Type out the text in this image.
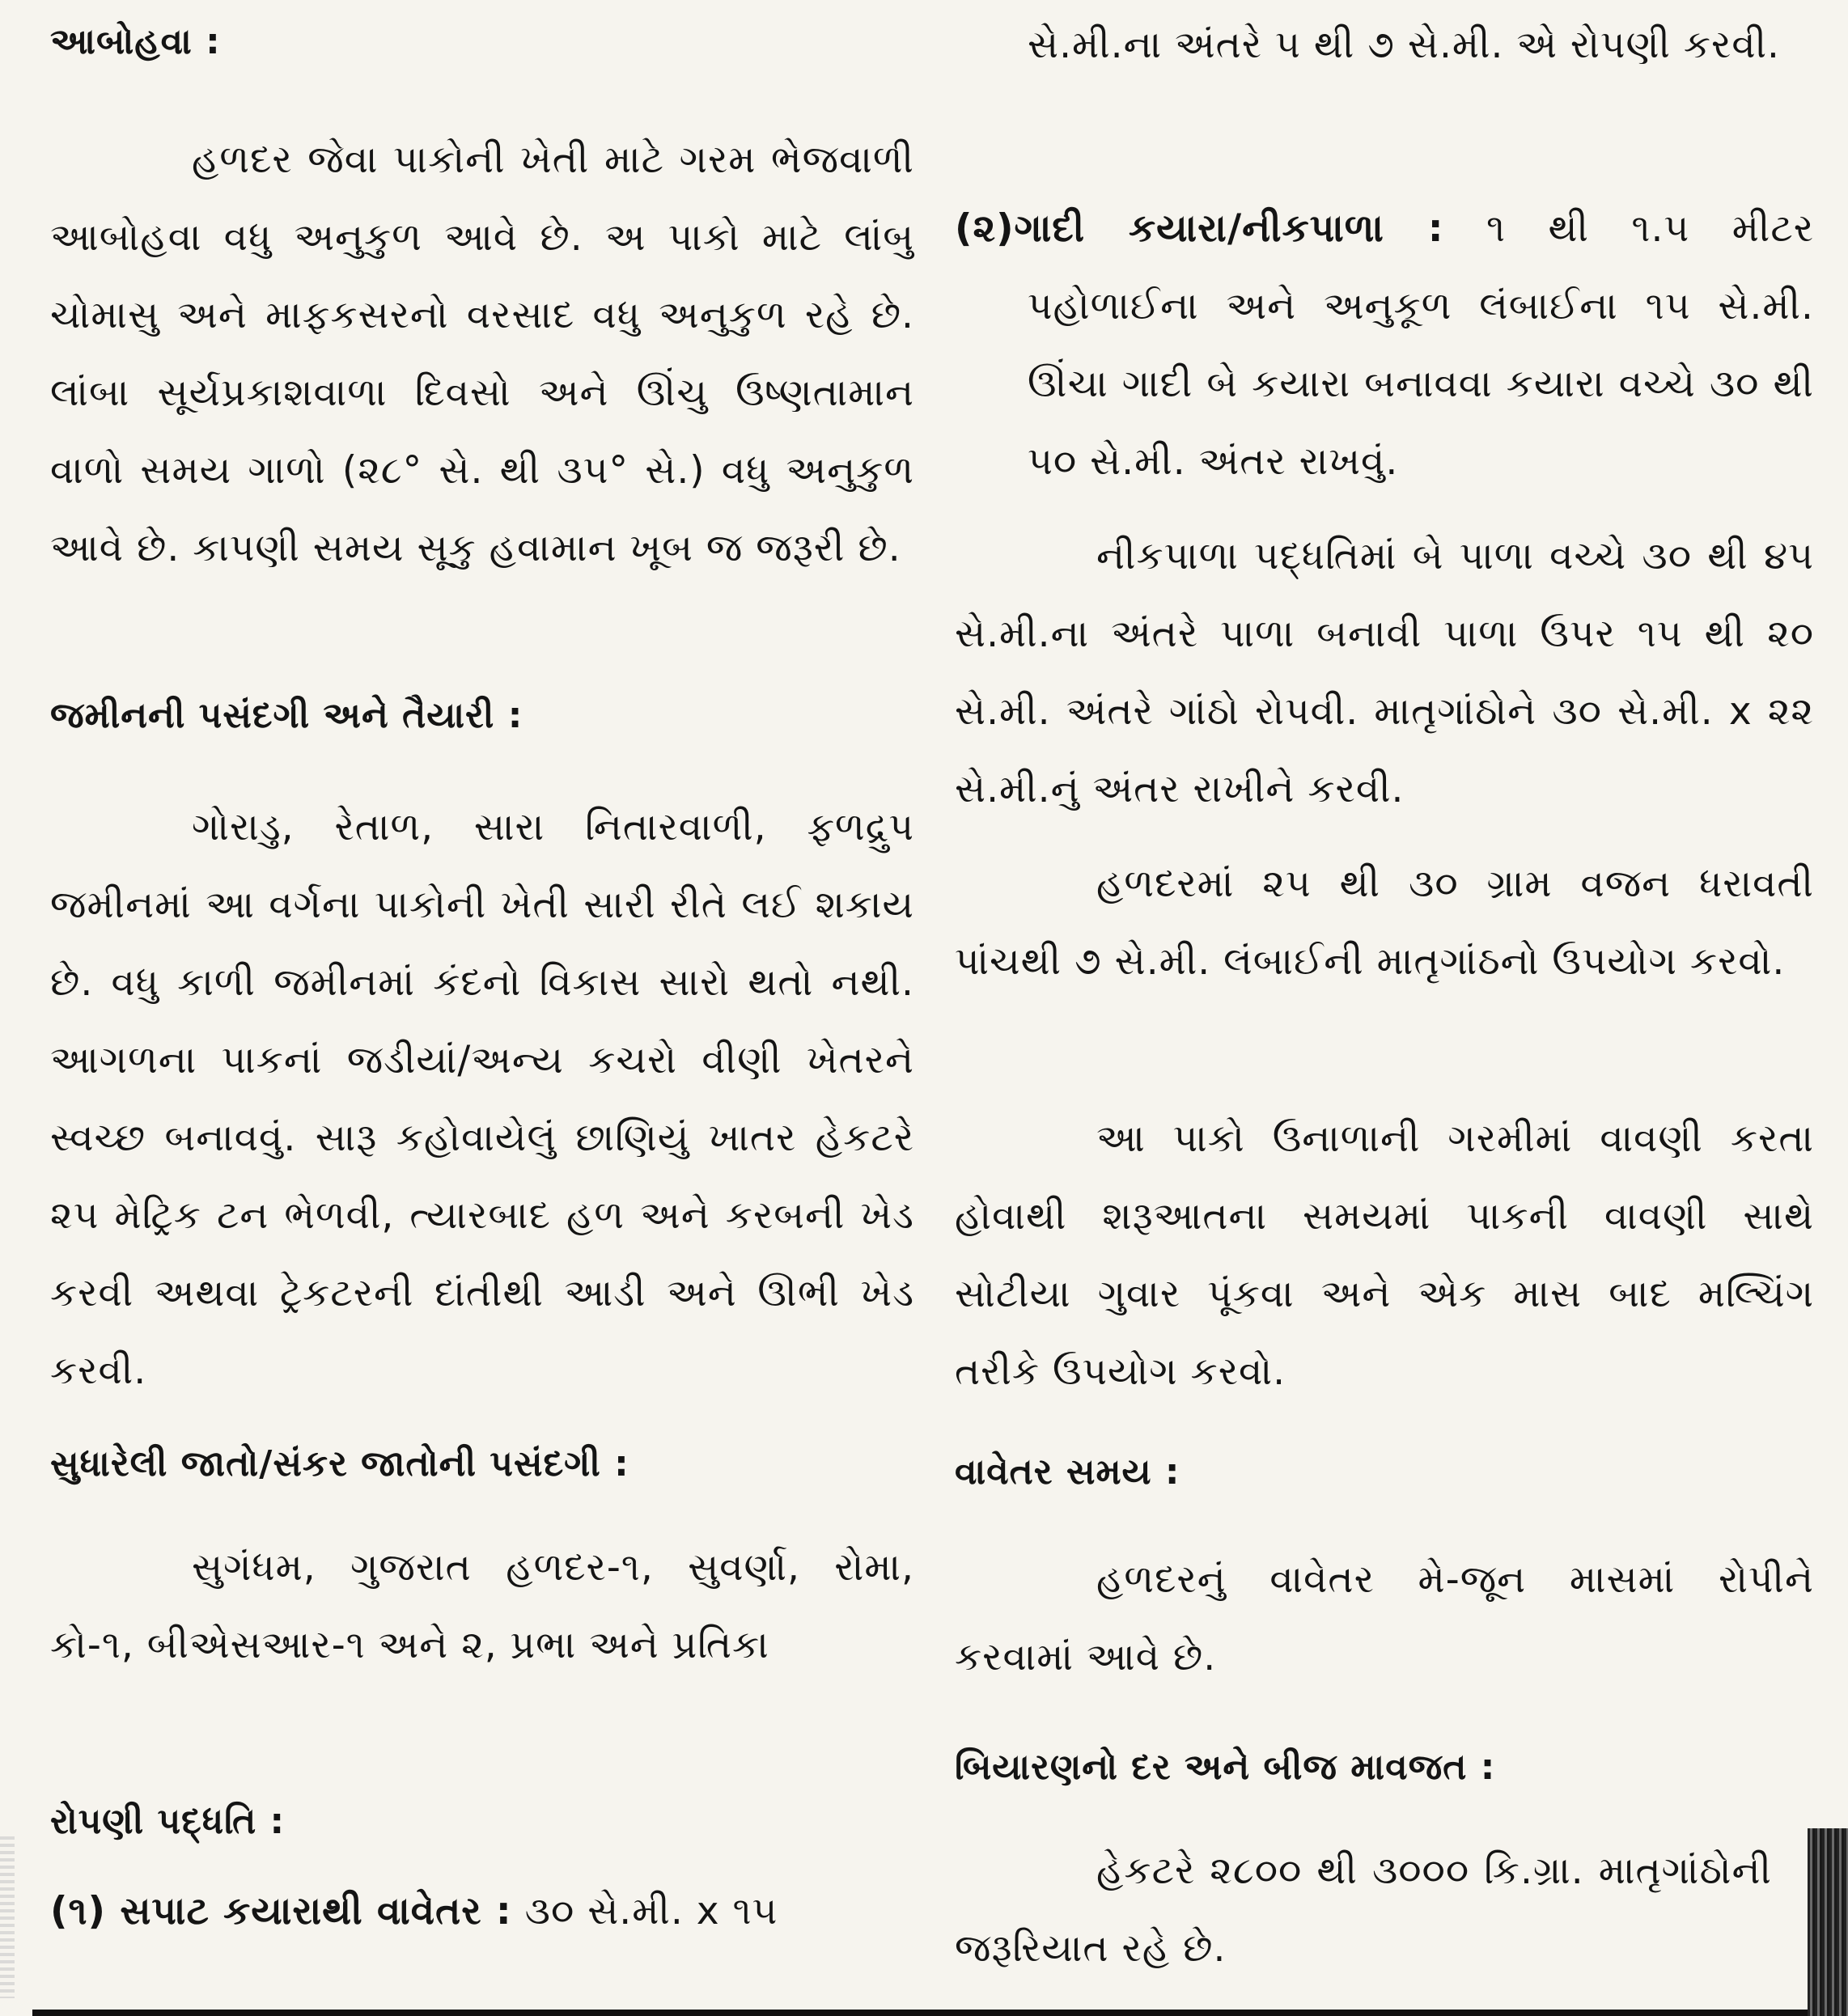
આબોહવા :
હળદર જેવા પાકોની ખેતી માટે ગરમ ભેજવાળી આબોહવા વધુ અનુકુળ આવે છે. અ પાકો માટે લાંબુ ચોમાસુ અને માફકસરનો વરસાદ વધુ અનુકુળ રહે છે. લાંબા સૂર્યપ્રકાશવાળા દિવસો અને ઊંચુ ઉષ્ણતામાન વાળો સમય ગાળો (૨૮° સે. થી ૩૫° સે.) વધુ અનુકુળ આવે છે. કાપણી સમય સૂકુ હવામાન ખૂબ જ જરૂરી છે.
જમીનની પસંદગી અને તૈયારી :
ગોરાડુ, રેતાળ, સારા નિતારવાળી, ફળદ્રુપ જમીનમાં આ વર્ગના પાકોની ખેતી સારી રીતે લઈ શકાય છે. વધુ કાળી જમીનમાં કંદનો વિકાસ સારો થતો નથી. આગળના પાકનાં જડીયાં/અન્ય કચરો વીણી ખેતરને સ્વચ્છ બનાવવું. સારૂ કહોવાયેલું છાણિયું ખાતર હેકટરે ૨૫ મેટ્રિક ટન ભેળવી, ત્યારબાદ હળ અને કરબની ખેડ કરવી અથવા ટ્રેકટરની દાંતીથી આડી અને ઊભી ખેડ કરવી.
સુધારેલી જાતો/સંકર જાતોની પસંદગી :
સુગંધમ, ગુજરાત હળદર-૧, સુવર્ણા, રોમા, કો-૧, બીએસઆર-૧ અને ૨, પ્રભા અને પ્રતિકા
રોપણી પદ્ધતિ :
(૧) સપાટ કયારાથી વાવેતર : ૩૦ સે.મી. x ૧૫
સે.મી.ના અંતરે ૫ થી ૭ સે.મી. એ રોપણી કરવી.
(૨)ગાદી કયારા/નીકપાળા : ૧ થી ૧.૫ મીટર પહોળાઈના અને અનુકૂળ લંબાઈના ૧૫ સે.મી. ઊંચા ગાદી બે કયારા બનાવવા કયારા વચ્ચે ૩૦ થી ૫૦ સે.મી. અંતર રાખવું.
નીકપાળા પદ્ધતિમાં બે પાળા વચ્ચે ૩૦ થી ૪૫ સે.મી.ના અંતરે પાળા બનાવી પાળા ઉપર ૧૫ થી ૨૦ સે.મી. અંતરે ગાંઠો રોપવી. માતૃગાંઠોને ૩૦ સે.મી. x ૨૨ સે.મી.નું અંતર રાખીને કરવી.
હળદરમાં ૨૫ થી ૩૦ ગ્રામ વજન ધરાવતી પાંચથી ૭ સે.મી. લંબાઈની માતૃગાંઠનો ઉપયોગ કરવો.
આ પાકો ઉનાળાની ગરમીમાં વાવણી કરતા હોવાથી શરૂઆતના સમયમાં પાકની વાવણી સાથે સોટીયા ગુવાર પૂંકવા અને એક માસ બાદ મલ્ચિંગ તરીકે ઉપયોગ કરવો.
વાવેતર સમય :
હળદરનું વાવેતર મે-જૂન માસમાં રોપીને કરવામાં આવે છે.
બિયારણનો દર અને બીજ માવજત :
હેકટરે ૨૮૦૦ થી ૩૦૦૦ કિ.ગ્રા. માતૃગાંઠોની જરૂરિયાત રહે છે.
